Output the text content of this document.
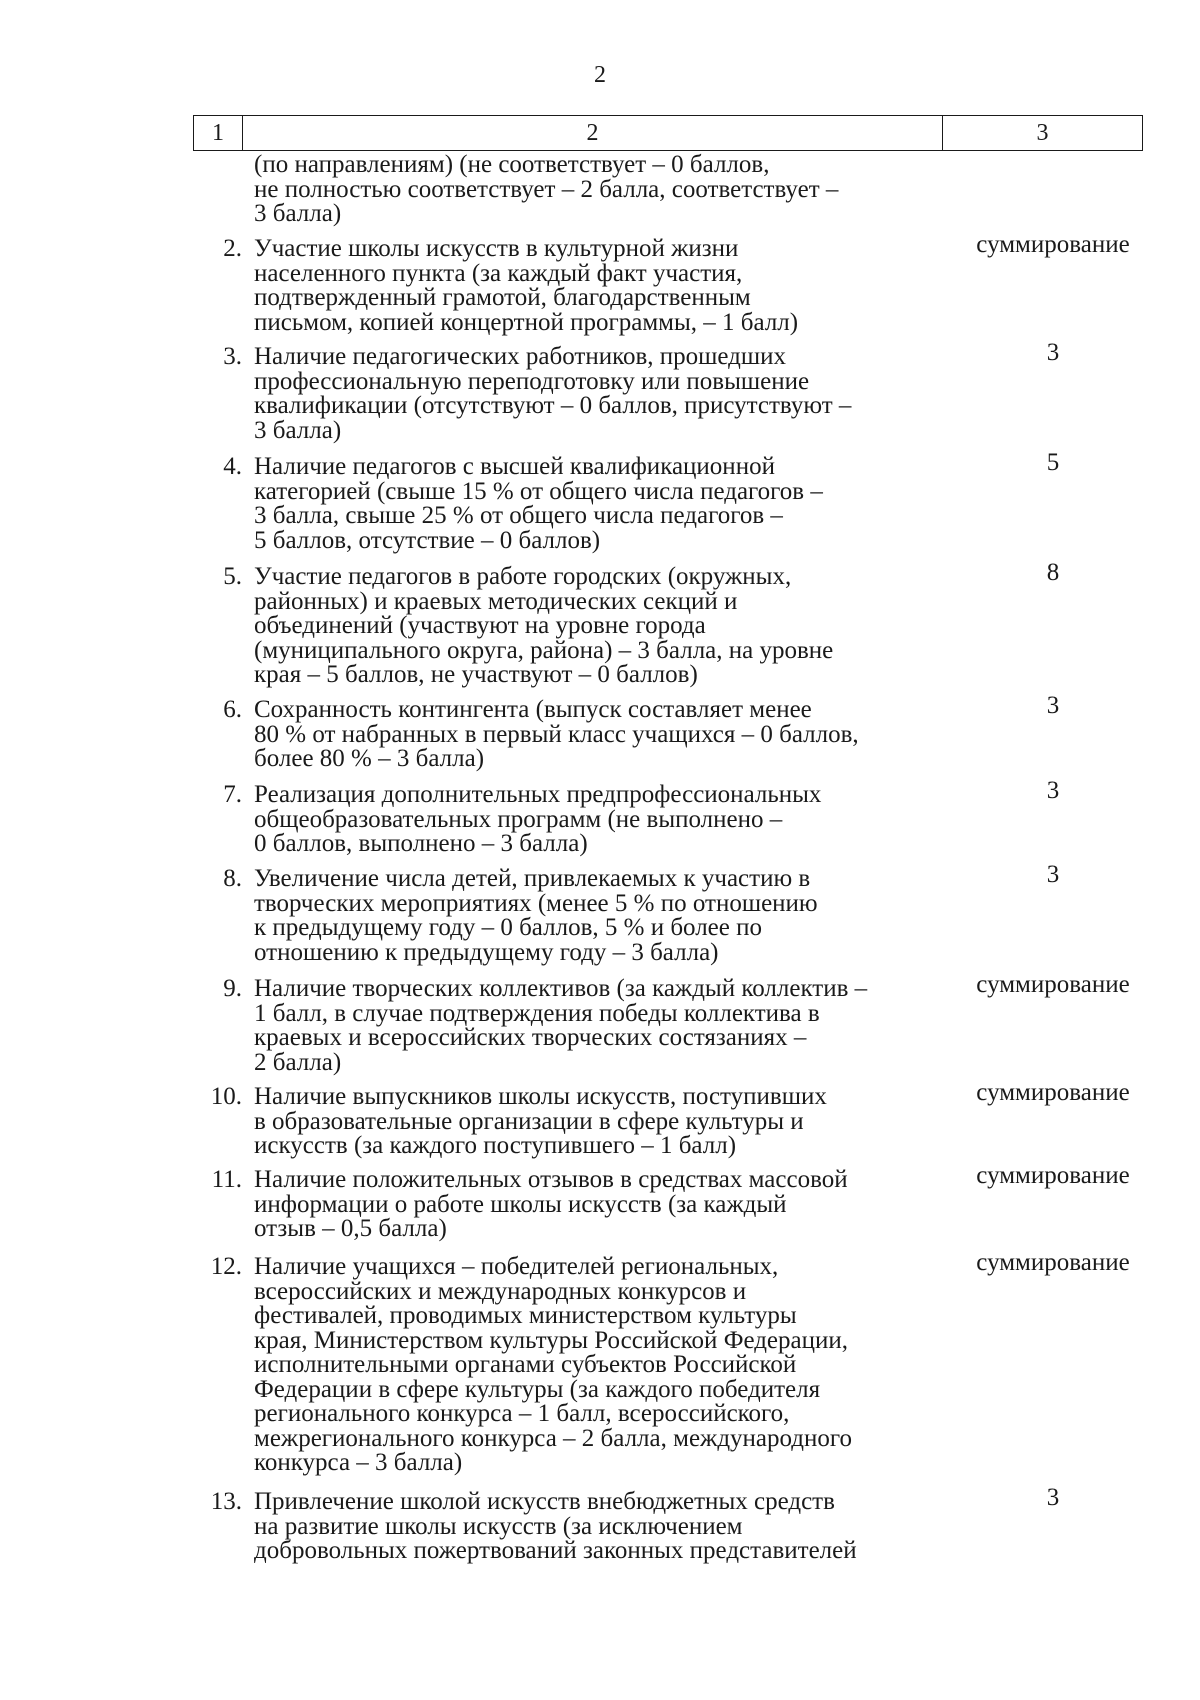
2
1	2	3
(по направлениям) (не соответствует – 0 баллов,
не полностью соответствует – 2 балла, соответствует –
3 балла)
2. Участие школы искусств в культурной жизни
населенного пункта (за каждый факт участия,
подтвержденный грамотой, благодарственным
письмом, копией концертной программы, – 1 балл)
суммирование
3. Наличие педагогических работников, прошедших
профессиональную переподготовку или повышение
квалификации (отсутствуют – 0 баллов, присутствуют –
3 балла)
3
4. Наличие педагогов с высшей квалификационной
категорией (свыше 15 % от общего числа педагогов –
3 балла, свыше 25 % от общего числа педагогов –
5 баллов, отсутствие – 0 баллов)
5
5. Участие педагогов в работе городских (окружных,
районных) и краевых методических секций и
объединений (участвуют на уровне города
(муниципального округа, района) – 3 балла, на уровне
края – 5 баллов, не участвуют – 0 баллов)
8
6. Сохранность контингента (выпуск составляет менее
80 % от набранных в первый класс учащихся – 0 баллов,
более 80 % – 3 балла)
3
7. Реализация дополнительных предпрофессиональных
общеобразовательных программ (не выполнено –
0 баллов, выполнено – 3 балла)
3
8. Увеличение числа детей, привлекаемых к участию в
творческих мероприятиях (менее 5 % по отношению
к предыдущему году – 0 баллов, 5 % и более по
отношению к предыдущему году – 3 балла)
3
9. Наличие творческих коллективов (за каждый коллектив –
1 балл, в случае подтверждения победы коллектива в
краевых и всероссийских творческих состязаниях –
2 балла)
суммирование
10. Наличие выпускников школы искусств, поступивших
в образовательные организации в сфере культуры и
искусств (за каждого поступившего – 1 балл)
суммирование
11. Наличие положительных отзывов в средствах массовой
информации о работе школы искусств (за каждый
отзыв – 0,5 балла)
суммирование
12. Наличие учащихся – победителей региональных,
всероссийских и международных конкурсов и
фестивалей, проводимых министерством культуры
края, Министерством культуры Российской Федерации,
исполнительными органами субъектов Российской
Федерации в сфере культуры (за каждого победителя
регионального конкурса – 1 балл, всероссийского,
межрегионального конкурса – 2 балла, международного
конкурса – 3 балла)
суммирование
13. Привлечение школой искусств внебюджетных средств
на развитие школы искусств (за исключением
добровольных пожертвований законных представителей
3
